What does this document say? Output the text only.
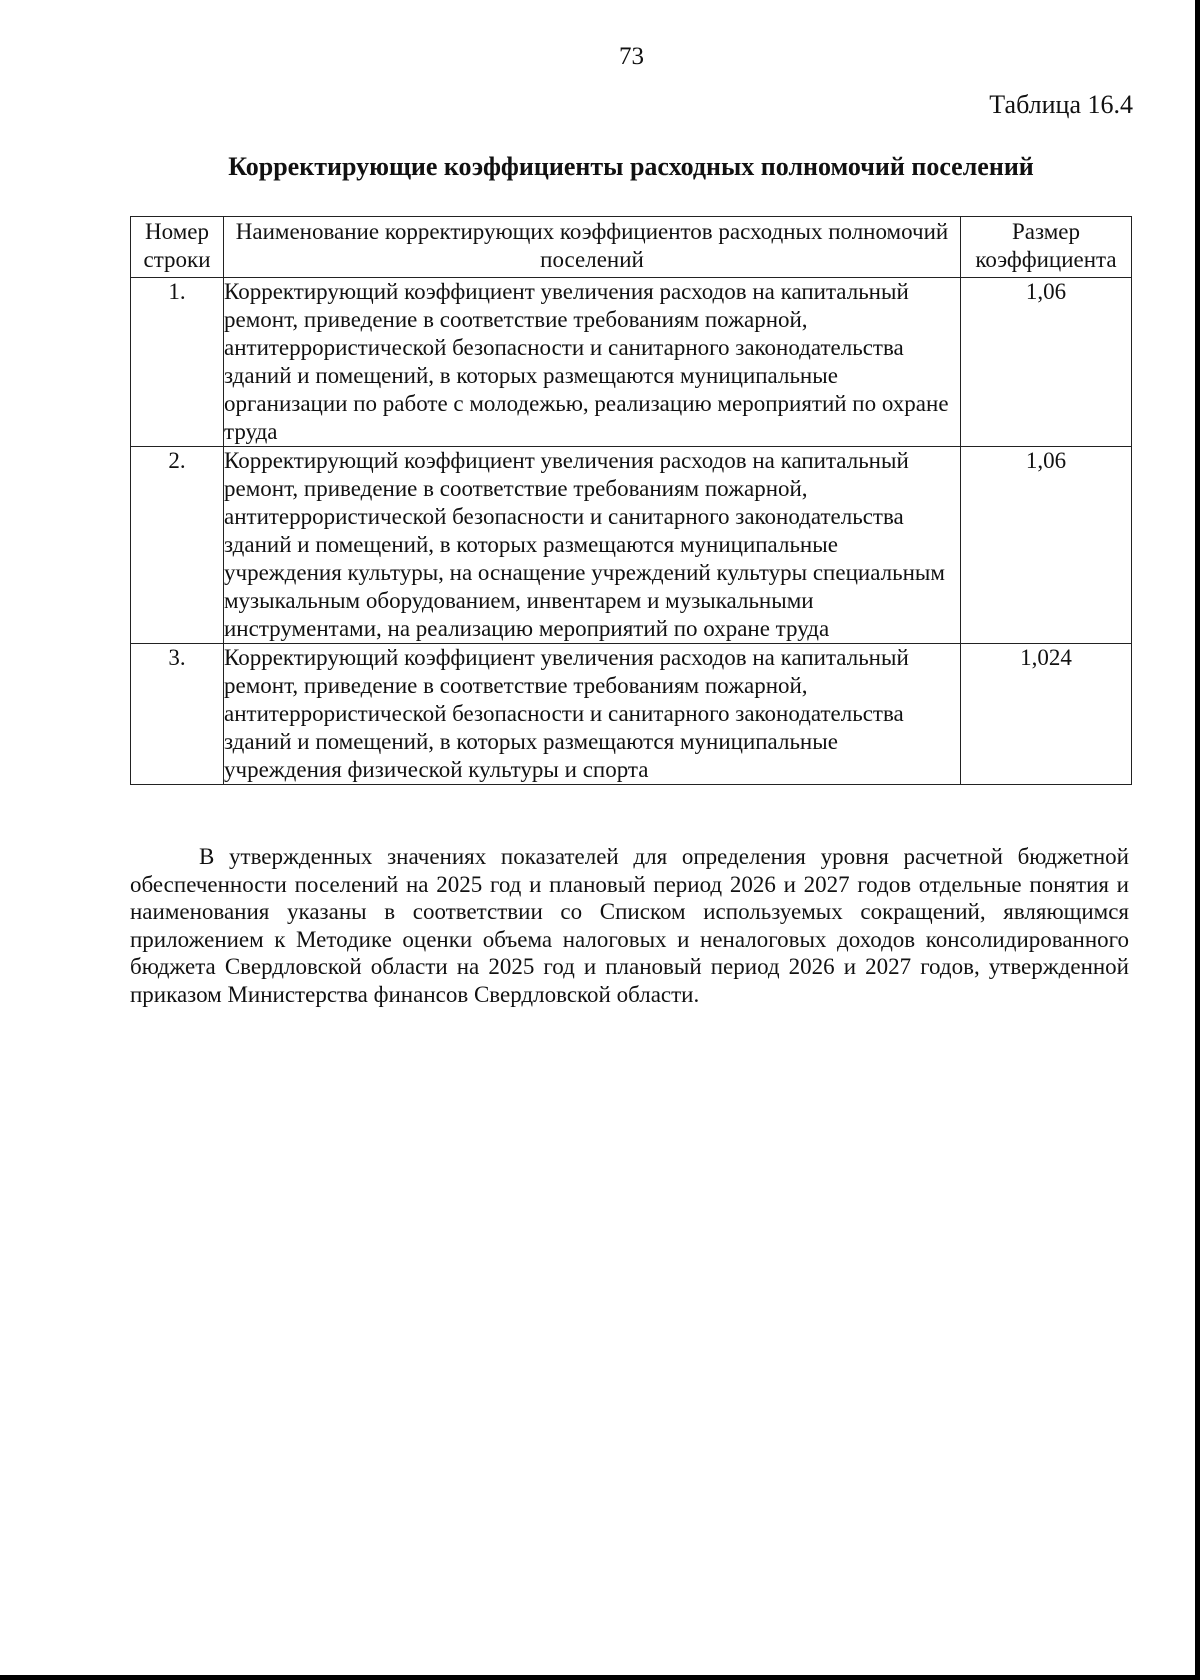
73
Таблица 16.4
Корректирующие коэффициенты расходных полномочий поселений
Номер строки	Наименование корректирующих коэффициентов расходных полномочий поселений	Размер коэффициента
1.	Корректирующий коэффициент увеличения расходов на капитальный ремонт, приведение в соответствие требованиям пожарной, антитеррористической безопасности и санитарного законодательства зданий и помещений, в которых размещаются муниципальные организации по работе с молодежью, реализацию мероприятий по охране труда	1,06
2.	Корректирующий коэффициент увеличения расходов на капитальный ремонт, приведение в соответствие требованиям пожарной, антитеррористической безопасности и санитарного законодательства зданий и помещений, в которых размещаются муниципальные учреждения культуры, на оснащение учреждений культуры специальным музыкальным оборудованием, инвентарем и музыкальными инструментами, на реализацию мероприятий по охране труда	1,06
3.	Корректирующий коэффициент увеличения расходов на капитальный ремонт, приведение в соответствие требованиям пожарной, антитеррористической безопасности и санитарного законодательства зданий и помещений, в которых размещаются муниципальные учреждения физической культуры и спорта	1,024

В утвержденных значениях показателей для определения уровня расчетной бюджетной обеспеченности поселений на 2025 год и плановый период 2026 и 2027 годов отдельные понятия и наименования указаны в соответствии со Списком используемых сокращений, являющимся приложением к Методике оценки объема налоговых и неналоговых доходов консолидированного бюджета Свердловской области на 2025 год и плановый период 2026 и 2027 годов, утвержденной приказом Министерства финансов Свердловской области.
